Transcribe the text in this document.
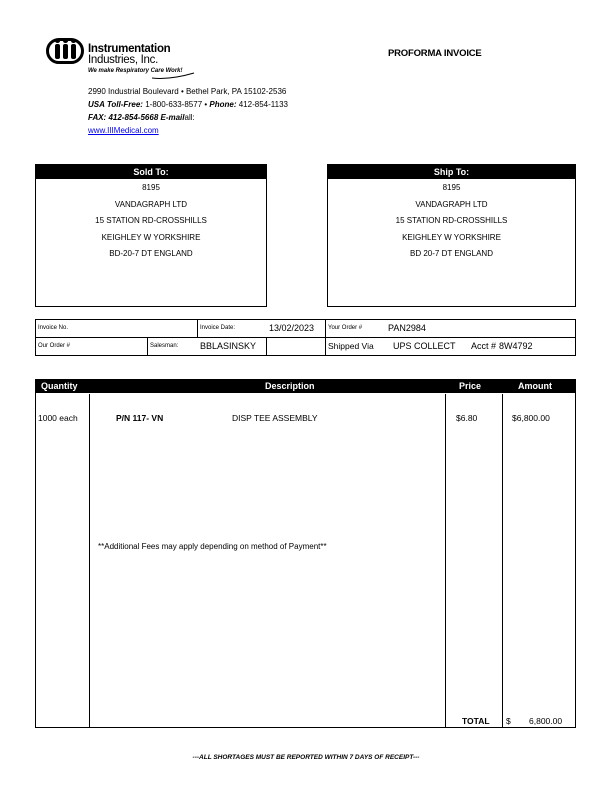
Instrumentation
Industries, Inc.
We make Respiratory Care Work!
PROFORMA INVOICE
2990 Industrial Boulevard • Bethel Park, PA 15102-2536
USA Toll-Free: 1-800-633-8577 • Phone: 412-854-1133
FAX: 412-854-5668 E-mailall:
www.IIIMedical.com
Sold To:
8195
VANDAGRAPH LTD
15 STATION RD-CROSSHILLS
KEIGHLEY W YORKSHIRE
BD-20-7 DT ENGLAND
Ship To:
8195
VANDAGRAPH LTD
15 STATION RD-CROSSHILLS
KEIGHLEY W YORKSHIRE
BD 20-7 DT ENGLAND
Invoice No.	Invoice Date:	13/02/2023	Your Order #	PAN2984
Our Order #	Salesman: BBLASINSKY	Shipped Via UPS COLLECT Acct # 8W4792
Quantity	Description	Price	Amount
1000 each	P/N 117- VN	DISP TEE ASSEMBLY	$6.80	$6,800.00
**Additional Fees may apply depending on method of Payment**
TOTAL $ 6,800.00
---ALL SHORTAGES MUST BE REPORTED WITHIN 7 DAYS OF RECEIPT---
